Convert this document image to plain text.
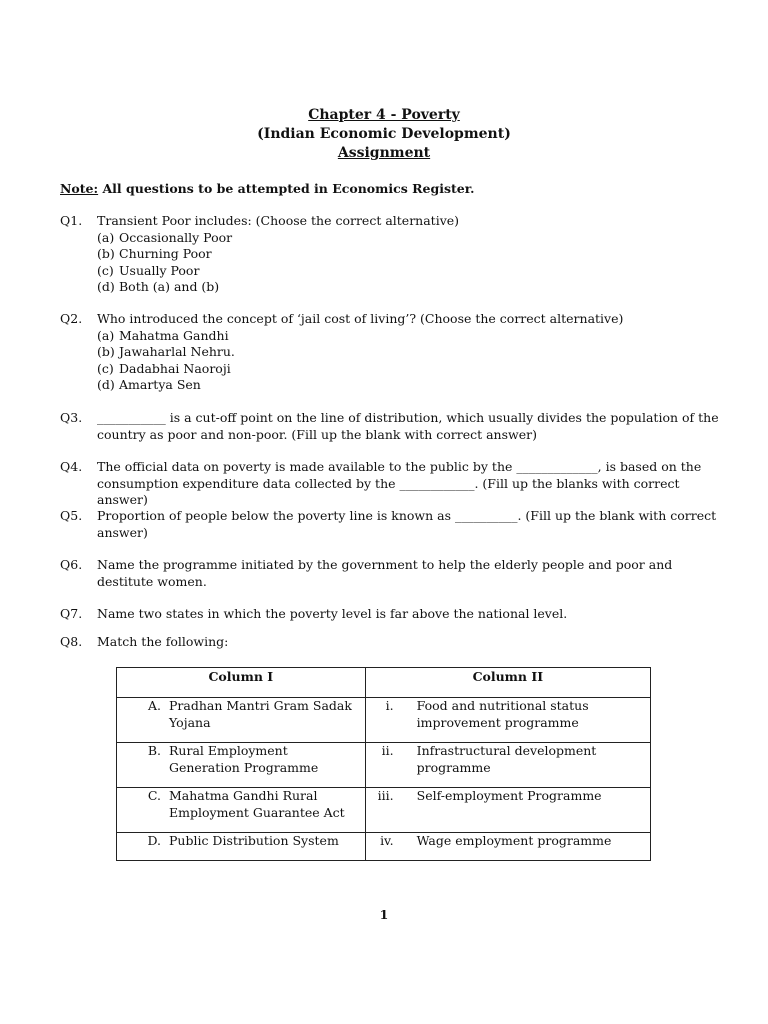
Chapter 4 - Poverty
(Indian Economic Development)
Assignment
Note: All questions to be attempted in Economics Register.
Q1.	Transient Poor includes: (Choose the correct alternative)
(a) Occasionally Poor
(b) Churning Poor
(c) Usually Poor
(d) Both (a) and (b)
Q2.	Who introduced the concept of ‘jail cost of living’? (Choose the correct alternative)
(a) Mahatma Gandhi
(b) Jawaharlal Nehru.
(c) Dadabhai Naoroji
(d) Amartya Sen
Q3.	___________ is a cut-off point on the line of distribution, which usually divides the population of the country as poor and non-poor. (Fill up the blank with correct answer)
Q4.	The official data on poverty is made available to the public by the _____________, is based on the consumption expenditure data collected by the ____________. (Fill up the blanks with correct answer)
Q5.	Proportion of people below the poverty line is known as __________. (Fill up the blank with correct answer)
Q6.	Name the programme initiated by the government to help the elderly people and poor and destitute women.
Q7.	Name two states in which the poverty level is far above the national level.
Q8.	Match the following:
Column I	Column II

A. Pradhan Mantri Gram Sadak Yojana	i. Food and nutritional status improvement programme

B. Rural Employment Generation Programme	ii. Infrastructural development programme

C. Mahatma Gandhi Rural Employment Guarantee Act	iii. Self-employment Programme

D. Public Distribution System	iv. Wage employment programme
1
